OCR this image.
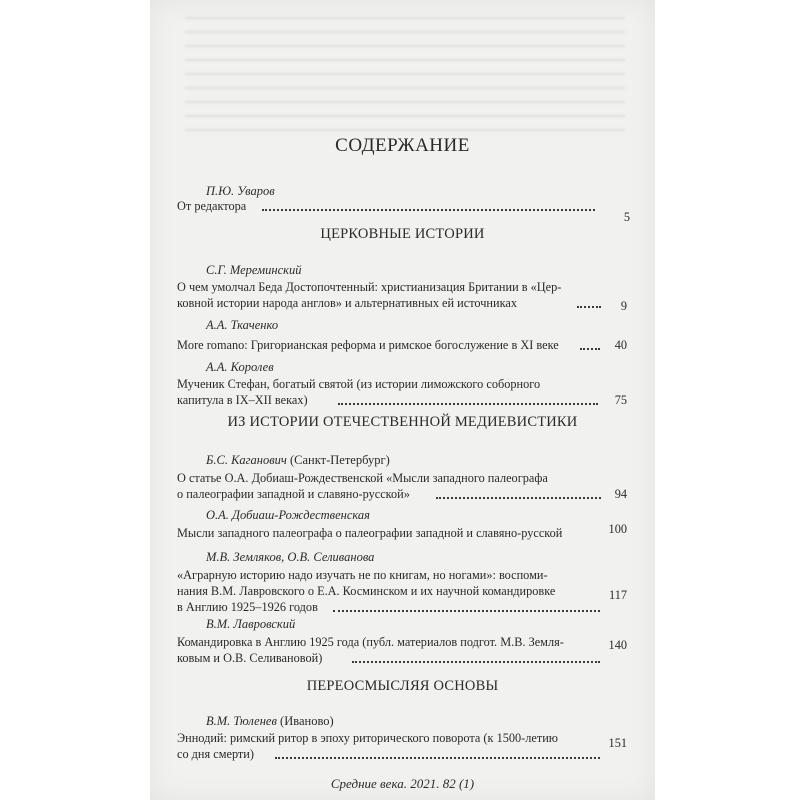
СОДЕРЖАНИЕ
П.Ю. Уваров
От редактора
5
ЦЕРКОВНЫЕ ИСТОРИИ
С.Г. Мереминский
О чем умолчал Беда Достопочтенный: христианизация Британии в «Цер-
ковной истории народа англов» и альтернативных ей источниках	9
А.А. Ткаченко
More romano: Григорианская реформа и римское богослужение в XI веке	40
А.А. Королев
Мученик Стефан, богатый святой (из истории лиможского соборного
капитула в IX–XII веках)	75
ИЗ ИСТОРИИ ОТЕЧЕСТВЕННОЙ МЕДИЕВИСТИКИ
Б.С. Каганович (Санкт-Петербург)
О статье О.А. Добиаш-Рождественской «Мысли западного палеографа
о палеографии западной и славяно-русской»	94
О.А. Добиаш-Рождественская
Мысли западного палеографа о палеографии западной и славяно-русской	100
М.В. Земляков, О.В. Селиванова
«Аграрную историю надо изучать не по книгам, но ногами»: воспоми-
нания В.М. Лавровского о Е.А. Косминском и их научной командировке
в Англию 1925–1926 годов
117
В.М. Лавровский
Командировка в Англию 1925 года (публ. материалов подгот. М.В. Земля-
ковым и О.В. Селивановой)
140
ПЕРЕОСМЫСЛЯЯ ОСНОВЫ
В.М. Тюленев (Иваново)
Эннодий: римский ритор в эпоху риторического поворота (к 1500-летию
со дня смерти)
151
Средние века. 2021. 82 (1)
